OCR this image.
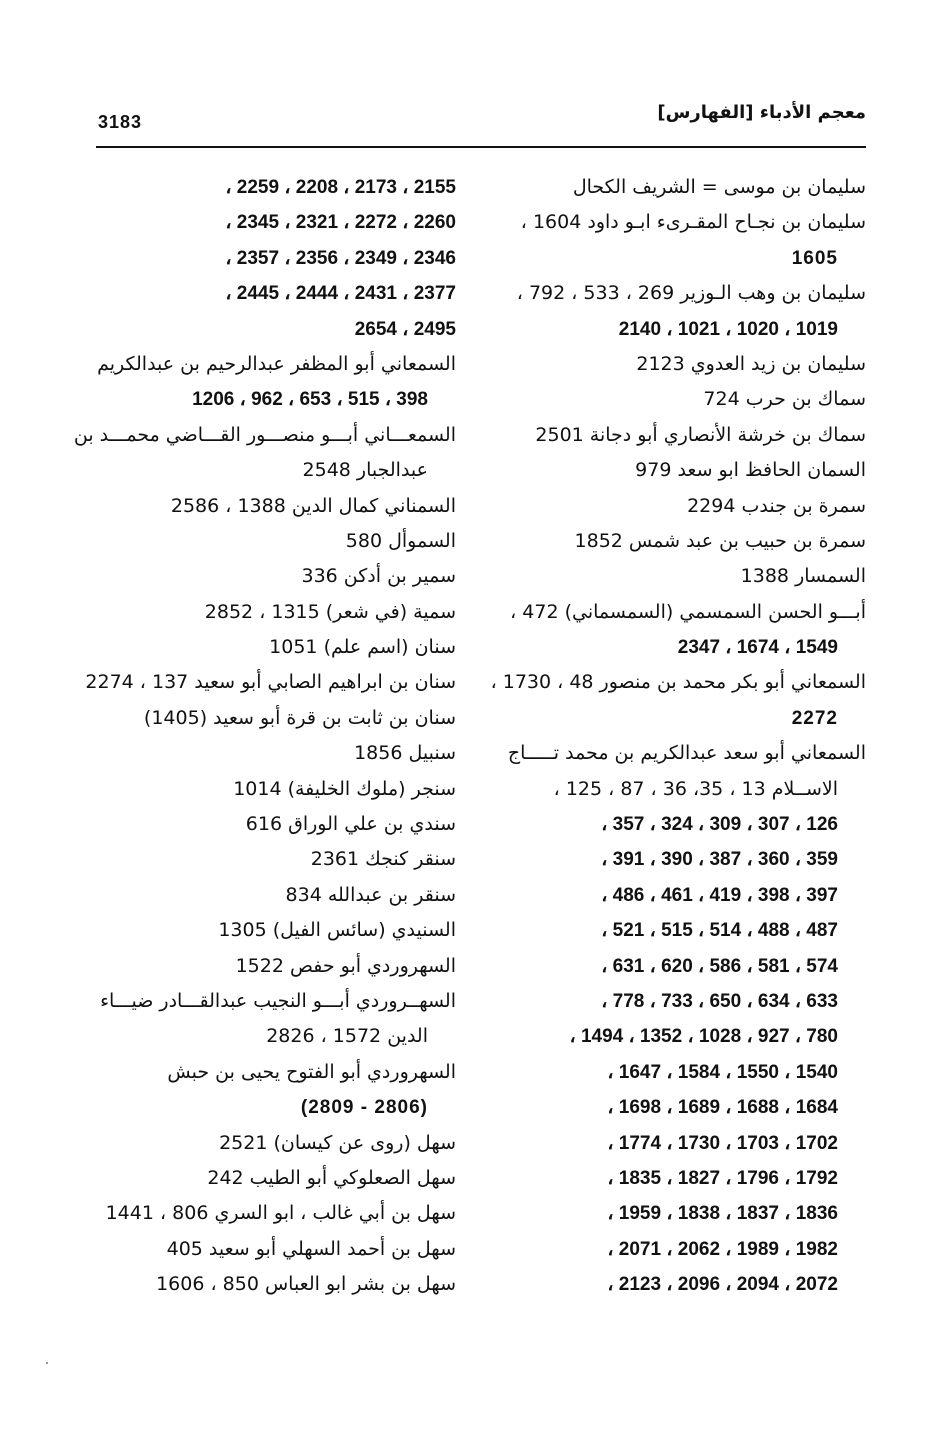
معجم الأدباء [الفهارس]
3183
سليمان بن موسى = الشريف الكحال
سليمان بن نجـاح المقـرىء ابـو داود 1604 ،
1605
سليمان بن وهب الـوزير 269 ، 533 ، 792 ،
1019 ، 1020 ، 1021 ، 2140
سليمان بن زيد العدوي 2123
سماك بن حرب 724
سماك بن خرشة الأنصاري أبو دجانة 2501
السمان الحافظ ابو سعد 979
سمرة بن جندب 2294
سمرة بن حبيب بن عبد شمس 1852
السمسار 1388
أبـــو الحسن السمسمي (السمسماني) 472 ،
1549 ، 1674 ، 2347
السمعاني أبو بكر محمد بن منصور 48 ، 1730 ،
2272
السمعاني أبو سعد عبدالكريم بن محمد تـــــاج
الاســلام 13 ، 35، 36 ، 87 ، 125 ،
126 ، 307 ، 309 ، 324 ، 357 ،
359 ، 360 ، 387 ، 390 ، 391 ،
397 ، 398 ، 419 ، 461 ، 486 ،
487 ، 488 ، 514 ، 515 ، 521 ،
574 ، 581 ، 586 ، 620 ، 631 ،
633 ، 634 ، 650 ، 733 ، 778 ،
780 ، 927 ، 1028 ، 1352 ، 1494 ،
1540 ، 1550 ، 1584 ، 1647 ،
1684 ، 1688 ، 1689 ، 1698 ،
1702 ، 1703 ، 1730 ، 1774 ،
1792 ، 1796 ، 1827 ، 1835 ،
1836 ، 1837 ، 1838 ، 1959 ،
1982 ، 1989 ، 2062 ، 2071 ،
2072 ، 2094 ، 2096 ، 2123 ،
2155 ، 2173 ، 2208 ، 2259 ،
2260 ، 2272 ، 2321 ، 2345 ،
2346 ، 2349 ، 2356 ، 2357 ،
2377 ، 2431 ، 2444 ، 2445 ،
2495 ، 2654
السمعاني أبو المظفر عبدالرحيم بن عبدالكريم
398 ، 515 ، 653 ، 962 ، 1206
السمعـــاني أبـــو منصـــور القـــاضي محمـــد بن
عبدالجبار 2548
السمناني كمال الدين 1388 ، 2586
السموأل 580
سمير بن أدكن 336
سمية (في شعر) 1315 ، 2852
سنان (اسم علم) 1051
سنان بن ابراهيم الصابي أبو سعيد 137 ، 2274
سنان بن ثابت بن قرة أبو سعيد (1405)
سنبيل 1856
سنجر (ملوك الخليفة) 1014
سندي بن علي الوراق 616
سنقر كنجك 2361
سنقر بن عبدالله 834
السنيدي (سائس الفيل) 1305
السهروردي أبو حفص 1522
السهــروردي أبـــو النجيب عبدالقـــادر ضيـــاء
الدين 1572 ، 2826
السهروردي أبو الفتوح يحيى بن حبش
(2806 - 2809)
سهل (روى عن كيسان) 2521
سهل الصعلوكي أبو الطيب 242
سهل بن أبي غالب ، ابو السري 806 ، 1441
سهل بن أحمد السهلي أبو سعيد 405
سهل بن بشر ابو العباس 850 ، 1606
